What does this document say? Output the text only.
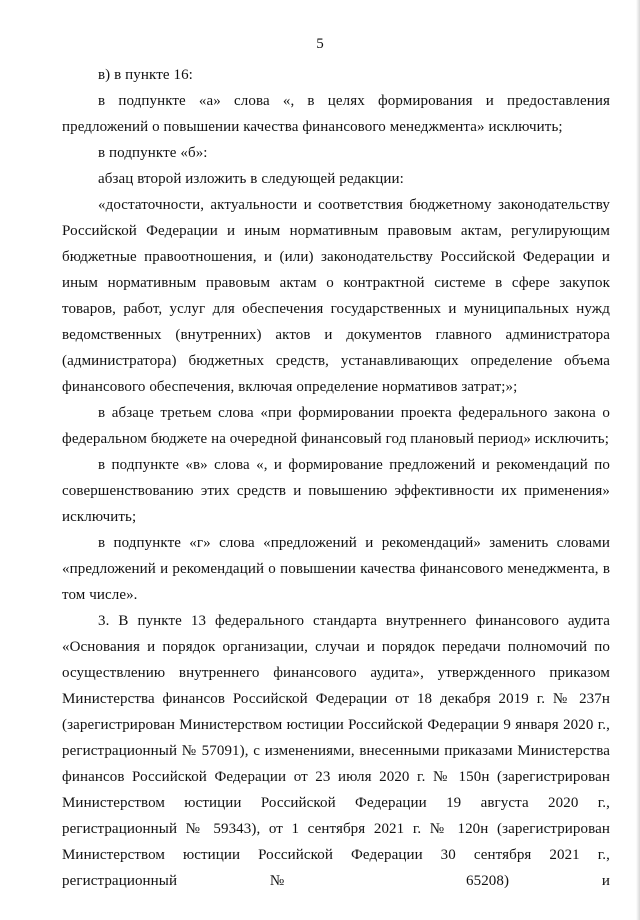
5

в) в пункте 16:

в подпункте «а» слова «, в целях формирования и предоставления предложений о повышении качества финансового менеджмента» исключить;

в подпункте «б»:

абзац второй изложить в следующей редакции:

«достаточности, актуальности и соответствия бюджетному законодательству Российской Федерации и иным нормативным правовым актам, регулирующим бюджетные правоотношения, и (или) законодательству Российской Федерации и иным нормативным правовым актам о контрактной системе в сфере закупок товаров, работ, услуг для обеспечения государственных и муниципальных нужд ведомственных (внутренних) актов и документов главного администратора (администратора) бюджетных средств, устанавливающих определение объема финансового обеспечения, включая определение нормативов затрат;»;

в абзаце третьем слова «при формировании проекта федерального закона о федеральном бюджете на очередной финансовый год плановый период» исключить;

в подпункте «в» слова «, и формирование предложений и рекомендаций по совершенствованию этих средств и повышению эффективности их применения» исключить;

в подпункте «г» слова «предложений и рекомендаций» заменить словами «предложений и рекомендаций о повышении качества финансового менеджмента, в том числе».

3. В пункте 13 федерального стандарта внутреннего финансового аудита «Основания и порядок организации, случаи и порядок передачи полномочий по осуществлению внутреннего финансового аудита», утвержденного приказом Министерства финансов Российской Федерации от 18 декабря 2019 г. № 237н (зарегистрирован Министерством юстиции Российской Федерации 9 января 2020 г., регистрационный № 57091), с изменениями, внесенными приказами Министерства финансов Российской Федерации от 23 июля 2020 г. № 150н (зарегистрирован Министерством юстиции Российской Федерации 19 августа 2020 г., регистрационный № 59343), от 1 сентября 2021 г. № 120н (зарегистрирован Министерством юстиции Российской Федерации 30 сентября 2021 г., регистрационный № 65208) и
